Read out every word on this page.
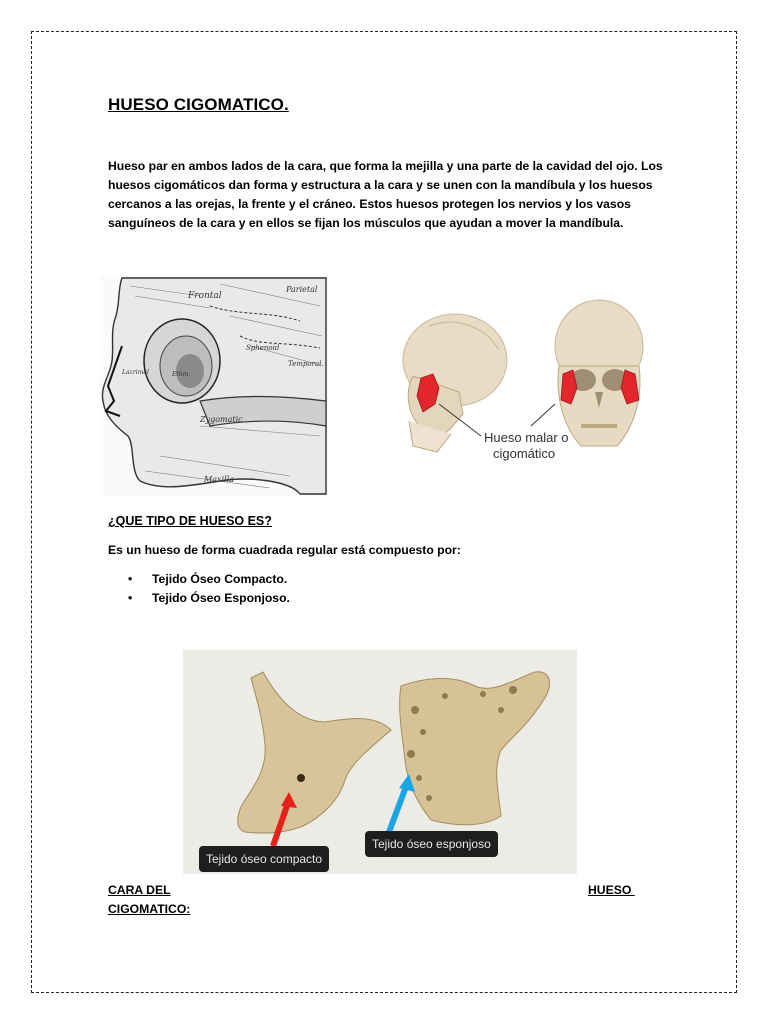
HUESO CIGOMATICO.
Hueso par en ambos lados de la cara, que forma la mejilla y una parte de la cavidad del ojo. Los huesos cigomáticos dan forma y estructura a la cara y se unen con la mandíbula y los huesos cercanos a las orejas, la frente y el cráneo. Estos huesos protegen los nervios y los vasos sanguíneos de la cara y en ellos se fijan los músculos que ayudan a mover la mandíbula.
Frontal
Parietal
Sphenoid
Temporal
Zygomatic
Maxilla
Ethm.
Lacrimal
Hueso malar o
cigomático
¿QUE TIPO DE HUESO ES?
Es un hueso de forma cuadrada regular está compuesto por:
• Tejido Óseo Compacto.
• Tejido Óseo Esponjoso.
Tejido óseo compacto
Tejido óseo esponjoso
CARA DEL
CIGOMATICO:
HUESO
